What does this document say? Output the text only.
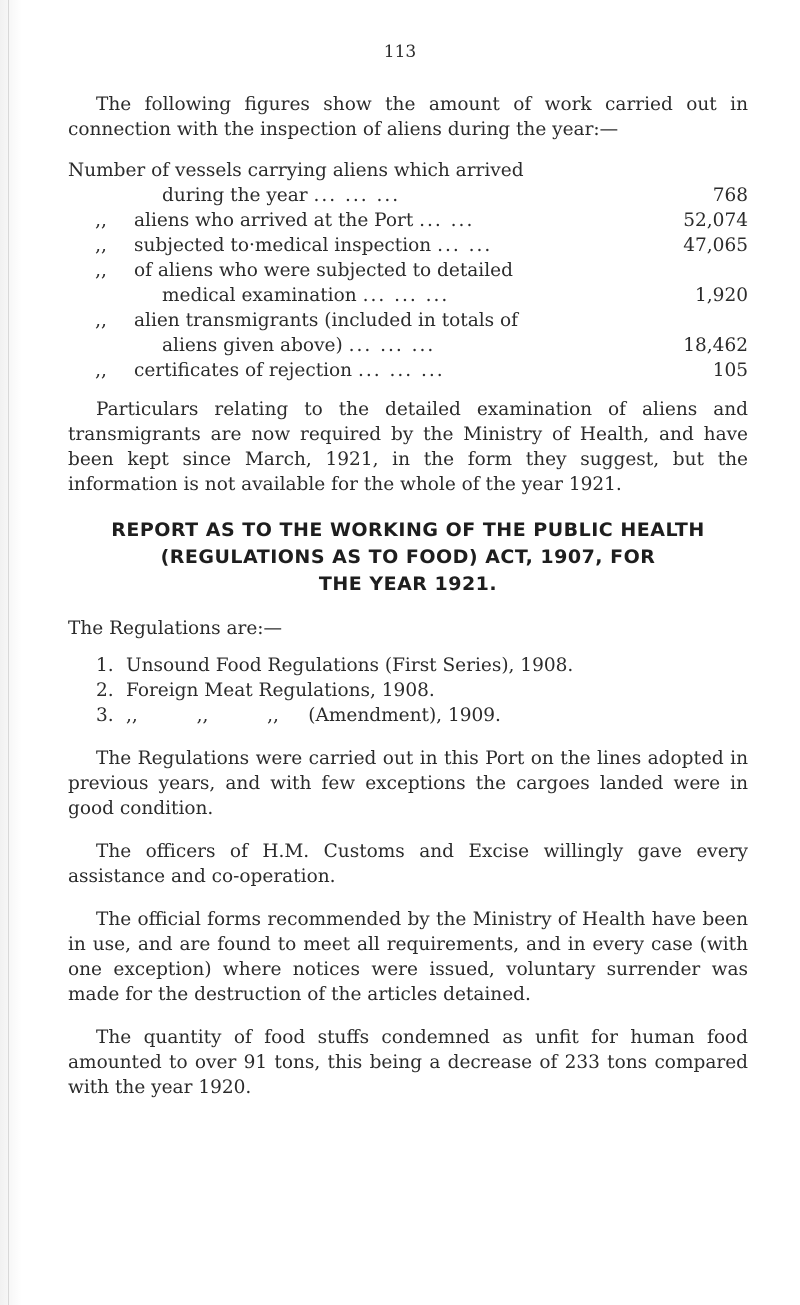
113

The following figures show the amount of work carried out in connection with the inspection of aliens during the year:—

Number of vessels carrying aliens which arrived
during the year ... ... ...	768
,,	aliens who arrived at the Port ... ...	52,074
,,	subjected to·medical inspection ... ...	47,065
,,	of aliens who were subjected to detailed
medical examination ... ... ...	1,920
,,	alien transmigrants (included in totals of
aliens given above) ... ... ...	18,462
,,	certificates of rejection ... ... ...	105

Particulars relating to the detailed examination of aliens and transmigrants are now required by the Ministry of Health, and have been kept since March, 1921, in the form they suggest, but the information is not available for the whole of the year 1921.

REPORT AS TO THE WORKING OF THE PUBLIC HEALTH
(REGULATIONS AS TO FOOD) ACT, 1907, FOR
THE YEAR 1921.

The Regulations are:—

1. Unsound Food Regulations (First Series), 1908.
2. Foreign Meat Regulations, 1908.
3. ,,          ,,          ,,     (Amendment), 1909.

The Regulations were carried out in this Port on the lines adopted in previous years, and with few exceptions the cargoes landed were in good condition.

The officers of H.M. Customs and Excise willingly gave every assistance and co-operation.

The official forms recommended by the Ministry of Health have been in use, and are found to meet all requirements, and in every case (with one exception) where notices were issued, voluntary surrender was made for the destruction of the articles detained.

The quantity of food stuffs condemned as unfit for human food amounted to over 91 tons, this being a decrease of 233 tons compared with the year 1920.
